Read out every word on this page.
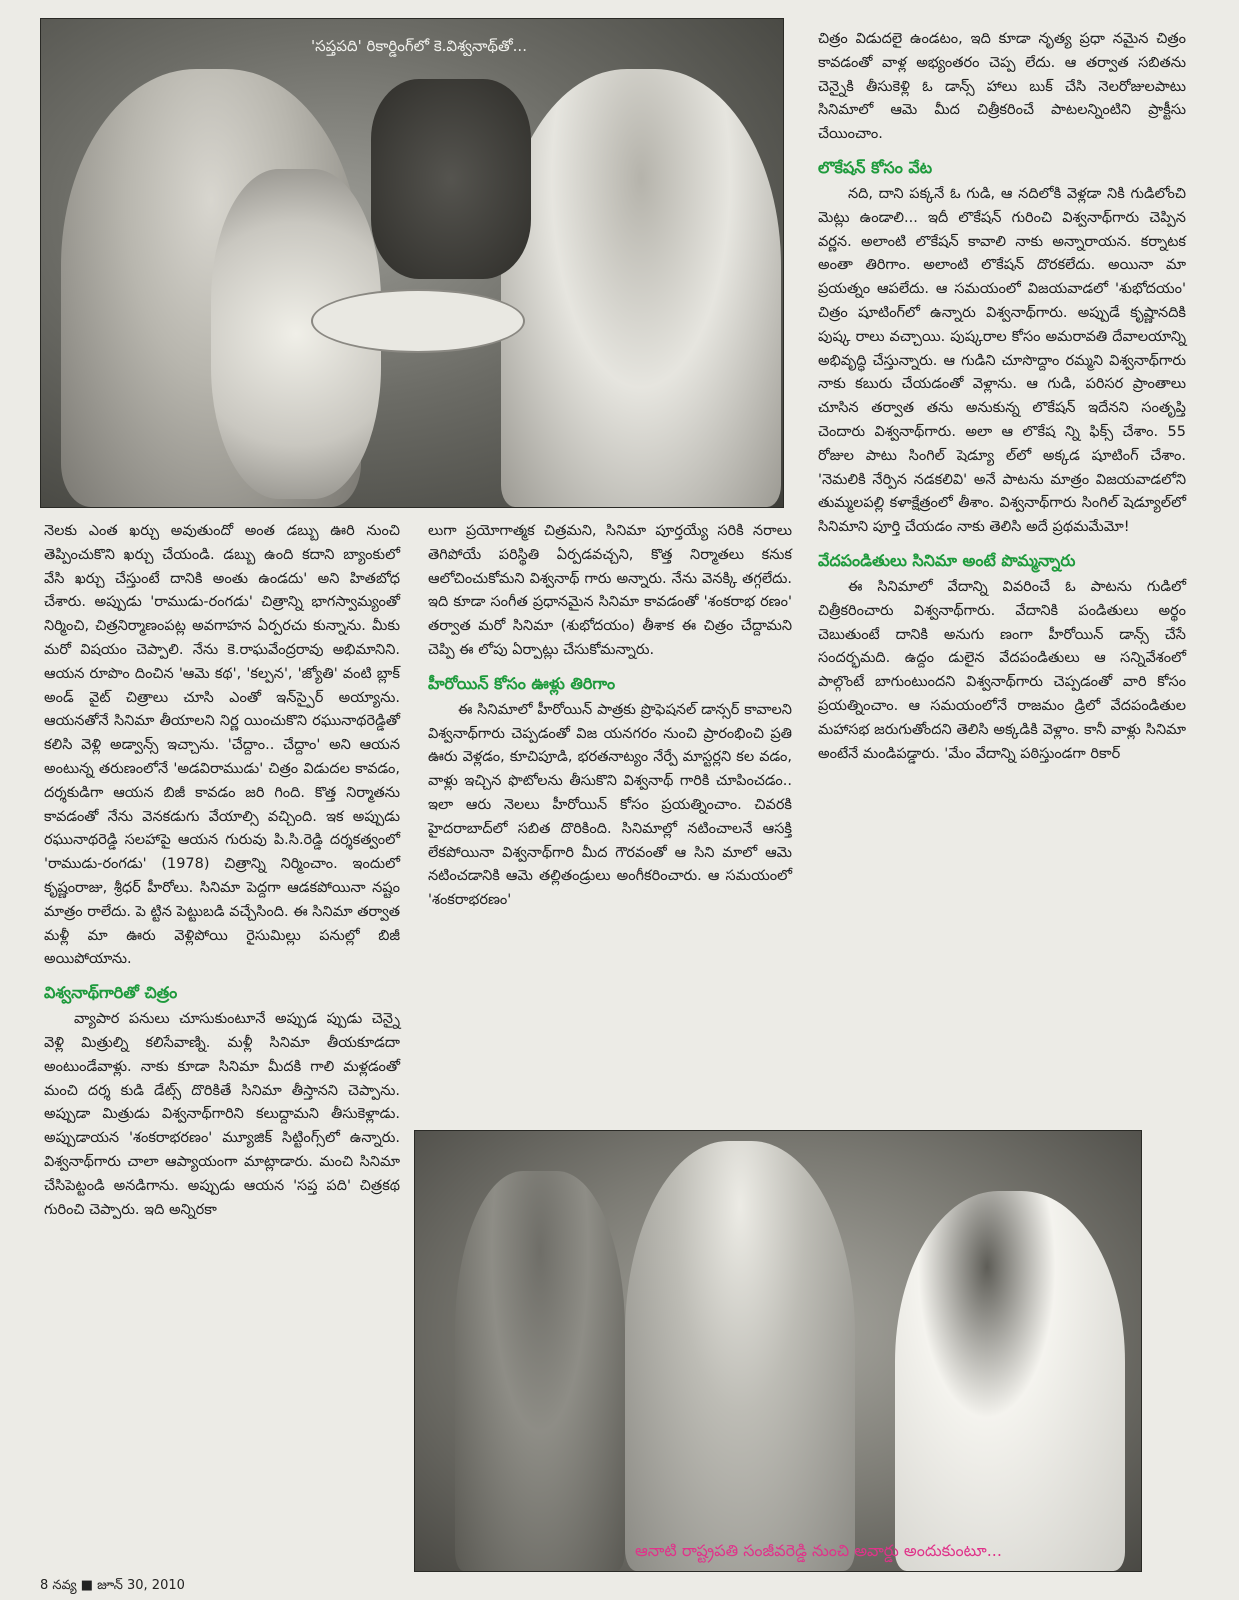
'సప్తపది' రికార్డింగ్‌లో కె.విశ్వనాథ్‌తో...	చిత్రం విడుదలై ఉండటం, ఇది కూడా నృత్య ప్రధా నమైన చిత్రం కావడంతో వాళ్ల అభ్యంతరం చెప్ప లేదు. ఆ తర్వాత సబితను చెన్నైకి తీసుకెళ్లి ఓ డాన్స్ హాలు బుక్ చేసి నెలరోజులపాటు సినిమాలో ఆమె మీద చిత్రీకరించే పాటలన్నింటిని ప్రాక్టీసు చేయించాం.

లొకేషన్ కోసం వేట

నది, దాని పక్కనే ఓ గుడి, ఆ నదిలోకి వెళ్లడా నికి గుడిలోంచి మెట్లు ఉండాలి... ఇదీ లొకేషన్ గురించి విశ్వనాథ్‌గారు చెప్పిన వర్ణన. అలాంటి లొకేషన్ కావాలి నాకు అన్నారాయన. కర్నాటక అంతా తిరిగాం. అలాంటి లొకేషన్ దొరకలేదు. అయినా మా ప్రయత్నం ఆపలేదు. ఆ సమయంలో విజయవాడలో 'శుభోదయం' చిత్రం షూటింగ్‌లో ఉన్నారు విశ్వనాథ్‌గారు. అప్పుడే కృష్ణానదికి పుష్క రాలు వచ్చాయి. పుష్కరాల కోసం అమరావతి దేవాలయాన్ని అభివృద్ధి చేస్తున్నారు. ఆ గుడిని చూసొద్దాం రమ్మని విశ్వనాథ్‌గారు నాకు కబురు చేయడంతో వెళ్లాను. ఆ గుడి, పరిసర ప్రాంతాలు చూసిన తర్వాత తను అనుకున్న లొకేషన్ ఇదేనని సంతృప్తి చెందారు విశ్వనాథ్‌గారు. అలా ఆ లొకేష న్ని ఫిక్స్ చేశాం. 55 రోజుల పాటు సింగిల్ షెడ్యూ ల్‌లో అక్కడ షూటింగ్ చేశాం. 'నెమలికి నేర్పిన నడకలివి' అనే పాటను మాత్రం విజయవాడలోని తుమ్మలపల్లి కళాక్షేత్రంలో తీశాం. విశ్వనాథ్‌గారు సింగిల్ షెడ్యూల్‌లో సినిమాని పూర్తి చేయడం నాకు తెలిసి అదే ప్రథమమేమో!

వేదపండితులు సినిమా అంటే పొమ్మన్నారు

ఈ సినిమాలో వేదాన్ని వివరించే ఓ పాటను గుడిలో చిత్రీకరించారు విశ్వనాథ్‌గారు. వేదానికి పండితులు అర్థం చెబుతుంటే దానికి అనుగు ణంగా హీరోయిన్ డాన్స్ చేసే సందర్భమది. ఉద్దం డులైన వేదపండితులు ఆ సన్నివేశంలో పాల్గొంటే బాగుంటుందని విశ్వనాథ్‌గారు చెప్పడంతో వారి కోసం ప్రయత్నించాం. ఆ సమయంలోనే రాజమం డ్రిలో వేదపండితుల మహాసభ జరుగుతోందని తెలిసి అక్కడికి వెళ్లాం. కానీ వాళ్లు సినిమా అంటేనే మండిపడ్డారు. 'మేం వేదాన్ని పఠిస్తుండగా రికార్

నెలకు ఎంత ఖర్చు అవుతుందో అంత డబ్బు ఊరి నుంచి తెప్పించుకొని ఖర్చు చేయండి. డబ్బు ఉంది కదాని బ్యాంకులో వేసి ఖర్చు చేస్తుంటే దానికి అంతు ఉండదు' అని హితబోధ చేశారు. అప్పుడు 'రాముడు-రంగడు' చిత్రాన్ని భాగస్వామ్యంతో నిర్మించి, చిత్రనిర్మాణంపట్ల అవగాహన ఏర్పరచు కున్నాను. మీకు మరో విషయం చెప్పాలి. నేను కె.రాఘవేంద్రరావు అభిమానిని. ఆయన రూపొం దించిన 'ఆమె కథ', 'కల్పన', 'జ్యోతి' వంటి బ్లాక్ అండ్ వైట్ చిత్రాలు చూసి ఎంతో ఇన్‌స్పైర్ అయ్యాను. ఆయనతోనే సినిమా తీయాలని నిర్ణ యించుకొని రఘునాథరెడ్డితో కలిసి వెళ్లి అడ్వాన్స్ ఇచ్చాను. 'చేద్దాం.. చేద్దాం' అని ఆయన అంటున్న తరుణంలోనే 'అడవిరాముడు' చిత్రం విడుదల కావడం, దర్శకుడిగా ఆయన బిజీ కావడం జరి గింది. కొత్త నిర్మాతను కావడంతో నేను వెనకడుగు వేయాల్సి వచ్చింది. ఇక అప్పుడు రఘునాథరెడ్డి సలహాపై ఆయన గురువు పి.సి.రెడ్డి దర్శకత్వంలో 'రాముడు-రంగడు' (1978) చిత్రాన్ని నిర్మించాం. ఇందులో కృష్ణంరాజు, శ్రీధర్ హీరోలు. సినిమా పెద్దగా ఆడకపోయినా నష్టం మాత్రం రాలేదు. పె ట్టిన పెట్టుబడి వచ్చేసింది. ఈ సినిమా తర్వాత మళ్లీ మా ఊరు వెళ్లిపోయి రైసుమిల్లు పనుల్లో బిజీ అయిపోయాను.

విశ్వనాథ్‌గారితో చిత్రం

వ్యాపార పనులు చూసుకుంటూనే అప్పుడ ప్పుడు చెన్నై వెళ్లి మిత్రుల్ని కలిసేవాణ్ని. మళ్లీ సినిమా తీయకూడదా అంటుండేవాళ్లు. నాకు కూడా సినిమా మీదకి గాలి మళ్లడంతో మంచి దర్శ కుడి డేట్స్ దొరికితే సినిమా తీస్తానని చెప్పాను. అప్పుడా మిత్రుడు విశ్వనాథ్‌గారిని కలుద్దామని తీసుకెళ్లాడు. అప్పుడాయన 'శంకరాభరణం' మ్యూజిక్ సిట్టింగ్స్‌లో ఉన్నారు. విశ్వనాథ్‌గారు చాలా ఆప్యాయంగా మాట్లాడారు. మంచి సినిమా చేసిపెట్టండి అనడిగాను. అప్పుడు ఆయన 'సప్త పది' చిత్రకథ గురించి చెప్పారు. ఇది అన్నిరకా

లుగా ప్రయోగాత్మక చిత్రమని, సినిమా పూర్తయ్యే సరికి నరాలు తెగిపోయే పరిస్థితి ఏర్పడవచ్చని, కొత్త నిర్మాతలు కనుక ఆలోచించుకోమని విశ్వనాథ్ గారు అన్నారు. నేను వెనక్కి తగ్గలేదు. ఇది కూడా సంగీత ప్రధానమైన సినిమా కావడంతో 'శంకరాభ రణం' తర్వాత మరో సినిమా (శుభోదయం) తీశాక ఈ చిత్రం చేద్దామని చెప్పి ఈ లోపు ఏర్పాట్లు చేసుకోమన్నారు.

హీరోయిన్ కోసం ఊళ్లు తిరిగాం

ఈ సినిమాలో హీరోయిన్ పాత్రకు ప్రొఫెషనల్ డాన్సర్ కావాలని విశ్వనాథ్‌గారు చెప్పడంతో విజ యనగరం నుంచి ప్రారంభించి ప్రతి ఊరు వెళ్లడం, కూచిపూడి, భరతనాట్యం నేర్పే మాస్టర్లని కల వడం, వాళ్లు ఇచ్చిన ఫొటోలను తీసుకొని విశ్వనాథ్ గారికి చూపించడం.. ఇలా ఆరు నెలలు హీరోయిన్ కోసం ప్రయత్నించాం. చివరకి హైదరాబాద్‌లో సబిత దొరికింది. సినిమాల్లో నటించాలనే ఆసక్తి లేకపోయినా విశ్వనాథ్‌గారి మీద గౌరవంతో ఆ సిని మాలో ఆమె నటించడానికి ఆమె తల్లితండ్రులు అంగీకరించారు. ఆ సమయంలో 'శంకరాభరణం'

ఆనాటి రాష్ట్రపతి సంజీవరెడ్డి నుంచి అవార్డు అందుకుంటూ...
8 నవ్య ■ జూన్ 30, 2010
